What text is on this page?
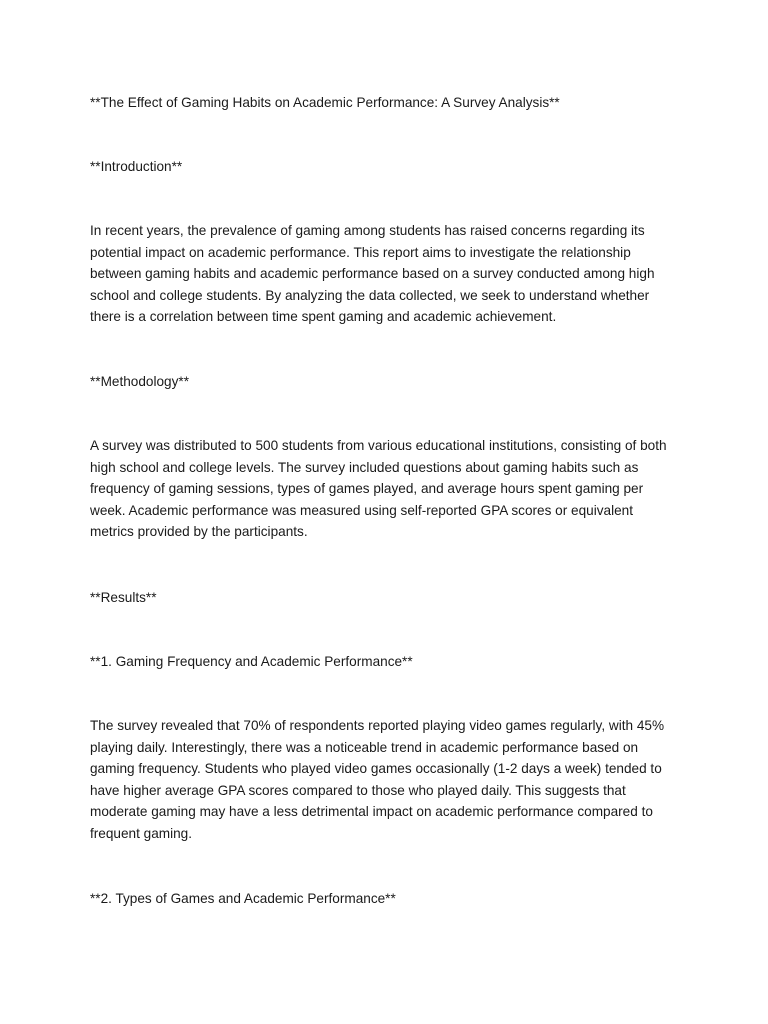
**The Effect of Gaming Habits on Academic Performance: A Survey Analysis**

**Introduction**

In recent years, the prevalence of gaming among students has raised concerns regarding its potential impact on academic performance. This report aims to investigate the relationship between gaming habits and academic performance based on a survey conducted among high school and college students. By analyzing the data collected, we seek to understand whether there is a correlation between time spent gaming and academic achievement.

**Methodology**

A survey was distributed to 500 students from various educational institutions, consisting of both high school and college levels. The survey included questions about gaming habits such as frequency of gaming sessions, types of games played, and average hours spent gaming per week. Academic performance was measured using self-reported GPA scores or equivalent metrics provided by the participants.

**Results**

**1. Gaming Frequency and Academic Performance**

The survey revealed that 70% of respondents reported playing video games regularly, with 45% playing daily. Interestingly, there was a noticeable trend in academic performance based on gaming frequency. Students who played video games occasionally (1-2 days a week) tended to have higher average GPA scores compared to those who played daily. This suggests that moderate gaming may have a less detrimental impact on academic performance compared to frequent gaming.

**2. Types of Games and Academic Performance**
